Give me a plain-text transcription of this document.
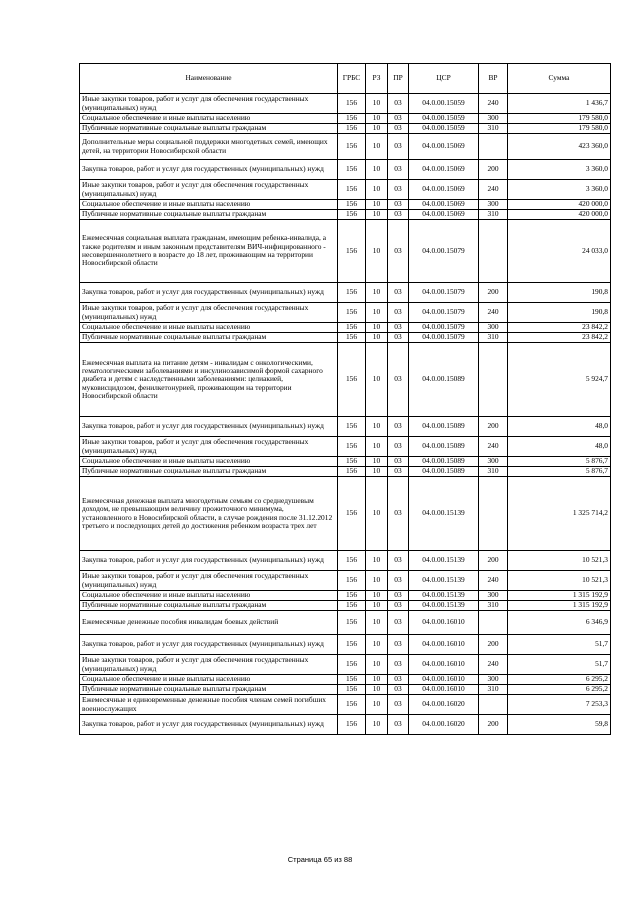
Наименование	ГРБС	РЗ	ПР	ЦСР	ВР	Сумма
Иные закупки товаров, работ и услуг для обеспечения государственных (муниципальных) нужд	156	10	03	04.0.00.15059	240	1 436,7
Социальное обеспечение и иные выплаты населению	156	10	03	04.0.00.15059	300	179 580,0
Публичные нормативные социальные выплаты гражданам	156	10	03	04.0.00.15059	310	179 580,0
Дополнительные меры социальной поддержки многодетных семей, имеющих детей, на территории Новосибирской области	156	10	03	04.0.00.15069		423 360,0
Закупка товаров, работ и услуг для государственных (муниципальных) нужд	156	10	03	04.0.00.15069	200	3 360,0
Иные закупки товаров, работ и услуг для обеспечения государственных (муниципальных) нужд	156	10	03	04.0.00.15069	240	3 360,0
Социальное обеспечение и иные выплаты населению	156	10	03	04.0.00.15069	300	420 000,0
Публичные нормативные социальные выплаты гражданам	156	10	03	04.0.00.15069	310	420 000,0
Ежемесячная социальная выплата гражданам, имеющим ребенка-инвалида, а также родителям и иным законным представителям ВИЧ-инфицированного - несовершеннолетнего в возрасте до 18 лет, проживающим на территории Новосибирской области	156	10	03	04.0.00.15079		24 033,0
Закупка товаров, работ и услуг для государственных (муниципальных) нужд	156	10	03	04.0.00.15079	200	190,8
Иные закупки товаров, работ и услуг для обеспечения государственных (муниципальных) нужд	156	10	03	04.0.00.15079	240	190,8
Социальное обеспечение и иные выплаты населению	156	10	03	04.0.00.15079	300	23 842,2
Публичные нормативные социальные выплаты гражданам	156	10	03	04.0.00.15079	310	23 842,2
Ежемесячная выплата на питание детям - инвалидам с онкологическими, гематологическими заболеваниями и инсулинозависимой формой сахарного диабета и детям с наследственными заболеваниями: целиакией, муковисцидозом, фенилкетонурией, проживающим на территории Новосибирской области	156	10	03	04.0.00.15089		5 924,7
Закупка товаров, работ и услуг для государственных (муниципальных) нужд	156	10	03	04.0.00.15089	200	48,0
Иные закупки товаров, работ и услуг для обеспечения государственных (муниципальных) нужд	156	10	03	04.0.00.15089	240	48,0
Социальное обеспечение и иные выплаты населению	156	10	03	04.0.00.15089	300	5 876,7
Публичные нормативные социальные выплаты гражданам	156	10	03	04.0.00.15089	310	5 876,7
Ежемесячная денежная выплата многодетным семьям со среднедушевым доходом, не превышающим величину прожиточного минимума, установленного в Новосибирской области, в случае рождения после 31.12.2012 третьего и последующих детей до достижения ребенком возраста трех лет	156	10	03	04.0.00.15139		1 325 714,2
Закупка товаров, работ и услуг для государственных (муниципальных) нужд	156	10	03	04.0.00.15139	200	10 521,3
Иные закупки товаров, работ и услуг для обеспечения государственных (муниципальных) нужд	156	10	03	04.0.00.15139	240	10 521,3
Социальное обеспечение и иные выплаты населению	156	10	03	04.0.00.15139	300	1 315 192,9
Публичные нормативные социальные выплаты гражданам	156	10	03	04.0.00.15139	310	1 315 192,9
Ежемесячные денежные пособия инвалидам боевых действий	156	10	03	04.0.00.16010		6 346,9
Закупка товаров, работ и услуг для государственных (муниципальных) нужд	156	10	03	04.0.00.16010	200	51,7
Иные закупки товаров, работ и услуг для обеспечения государственных (муниципальных) нужд	156	10	03	04.0.00.16010	240	51,7
Социальное обеспечение и иные выплаты населению	156	10	03	04.0.00.16010	300	6 295,2
Публичные нормативные социальные выплаты гражданам	156	10	03	04.0.00.16010	310	6 295,2
Ежемесячные и единовременные денежные пособия членам семей погибших военнослужащих	156	10	03	04.0.00.16020		7 253,3
Закупка товаров, работ и услуг для государственных (муниципальных) нужд	156	10	03	04.0.00.16020	200	59,8
Страница 65 из 88
